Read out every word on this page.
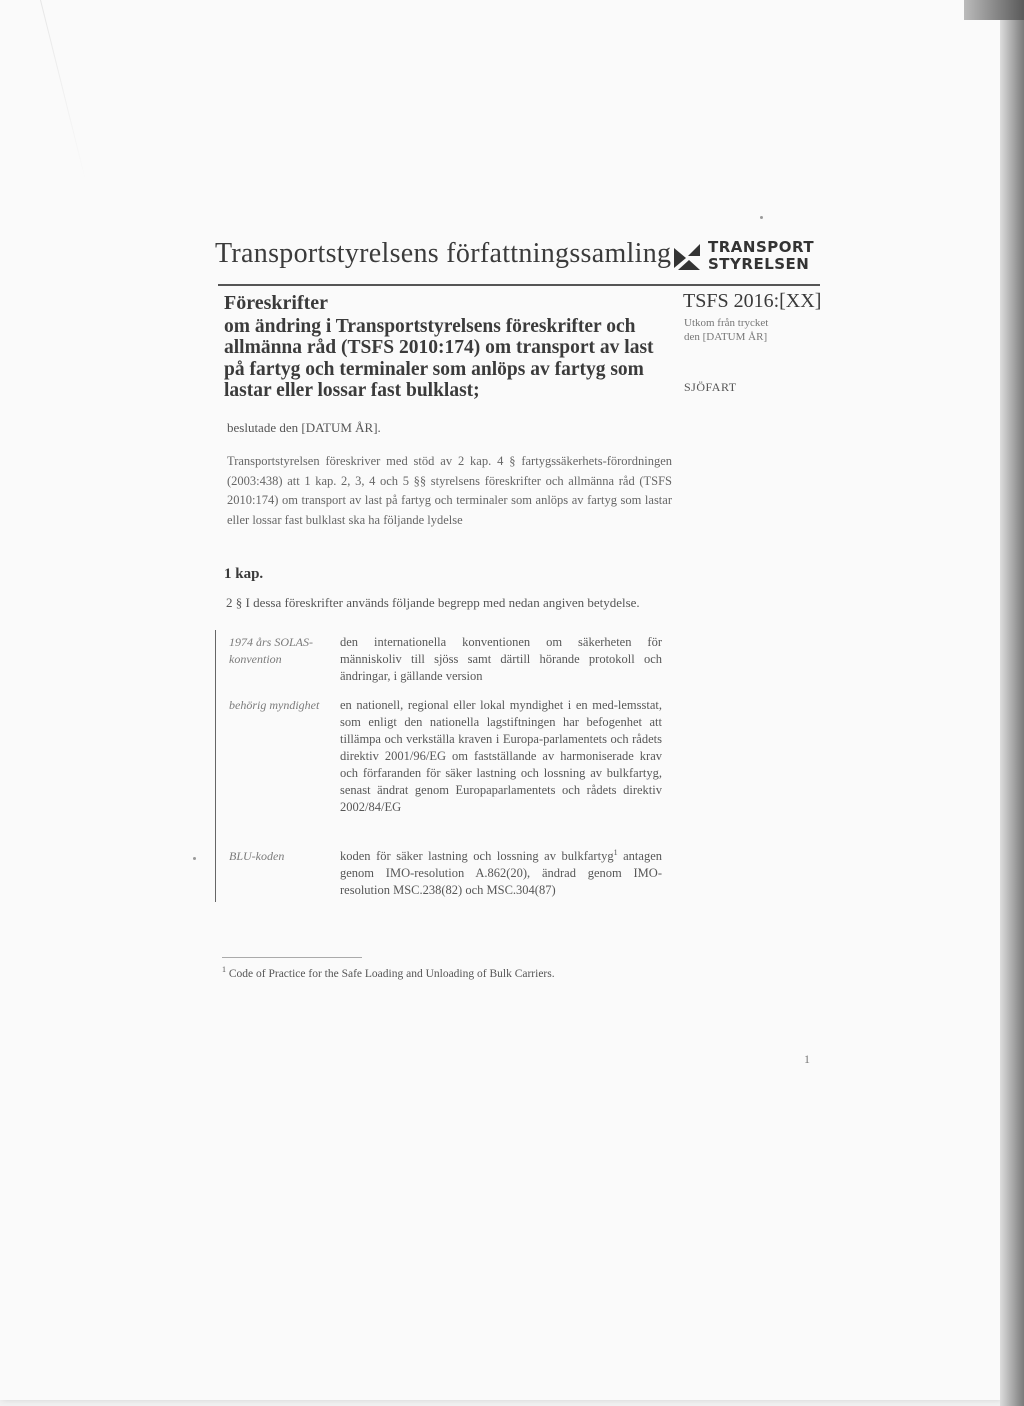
Transportstyrelsens författningssamling TRANSPORT
STYRELSEN
Föreskrifter
om ändring i Transportstyrelsens föreskrifter och allmänna råd (TSFS 2010:174) om transport av last på fartyg och terminaler som anlöps av fartyg som lastar eller lossar fast bulklast;
TSFS 2016:[XX]
Utkom från trycket
den [DATUM ÅR]
SJÖFART
beslutade den [DATUM ÅR].
Transportstyrelsen föreskriver med stöd av 2 kap. 4 § fartygssäkerhets-förordningen (2003:438) att 1 kap. 2, 3, 4 och 5 §§ styrelsens föreskrifter och allmänna råd (TSFS 2010:174) om transport av last på fartyg och terminaler som anlöps av fartyg som lastar eller lossar fast bulklast ska ha följande lydelse
1 kap.
2 § I dessa föreskrifter används följande begrepp med nedan angiven betydelse.
1974 års SOLAS-konvention
den internationella konventionen om säkerheten för människoliv till sjöss samt därtill hörande protokoll och ändringar, i gällande version
behörig myndighet	en nationell, regional eller lokal myndighet i en med-lemsstat, som enligt den nationella lagstiftningen har befogenhet att tillämpa och verkställa kraven i Europa-parlamentets och rådets direktiv 2001/96/EG om fastställande av harmoniserade krav och förfaranden för säker lastning och lossning av bulkfartyg, senast ändrat genom Europaparlamentets och rådets direktiv 2002/84/EG
BLU-koden	koden för säker lastning och lossning av bulkfartyg$^1$ antagen genom IMO-resolution A.862(20), ändrad genom IMO-resolution MSC.238(82) och MSC.304(87)
$^1$ Code of Practice for the Safe Loading and Unloading of Bulk Carriers.
1
